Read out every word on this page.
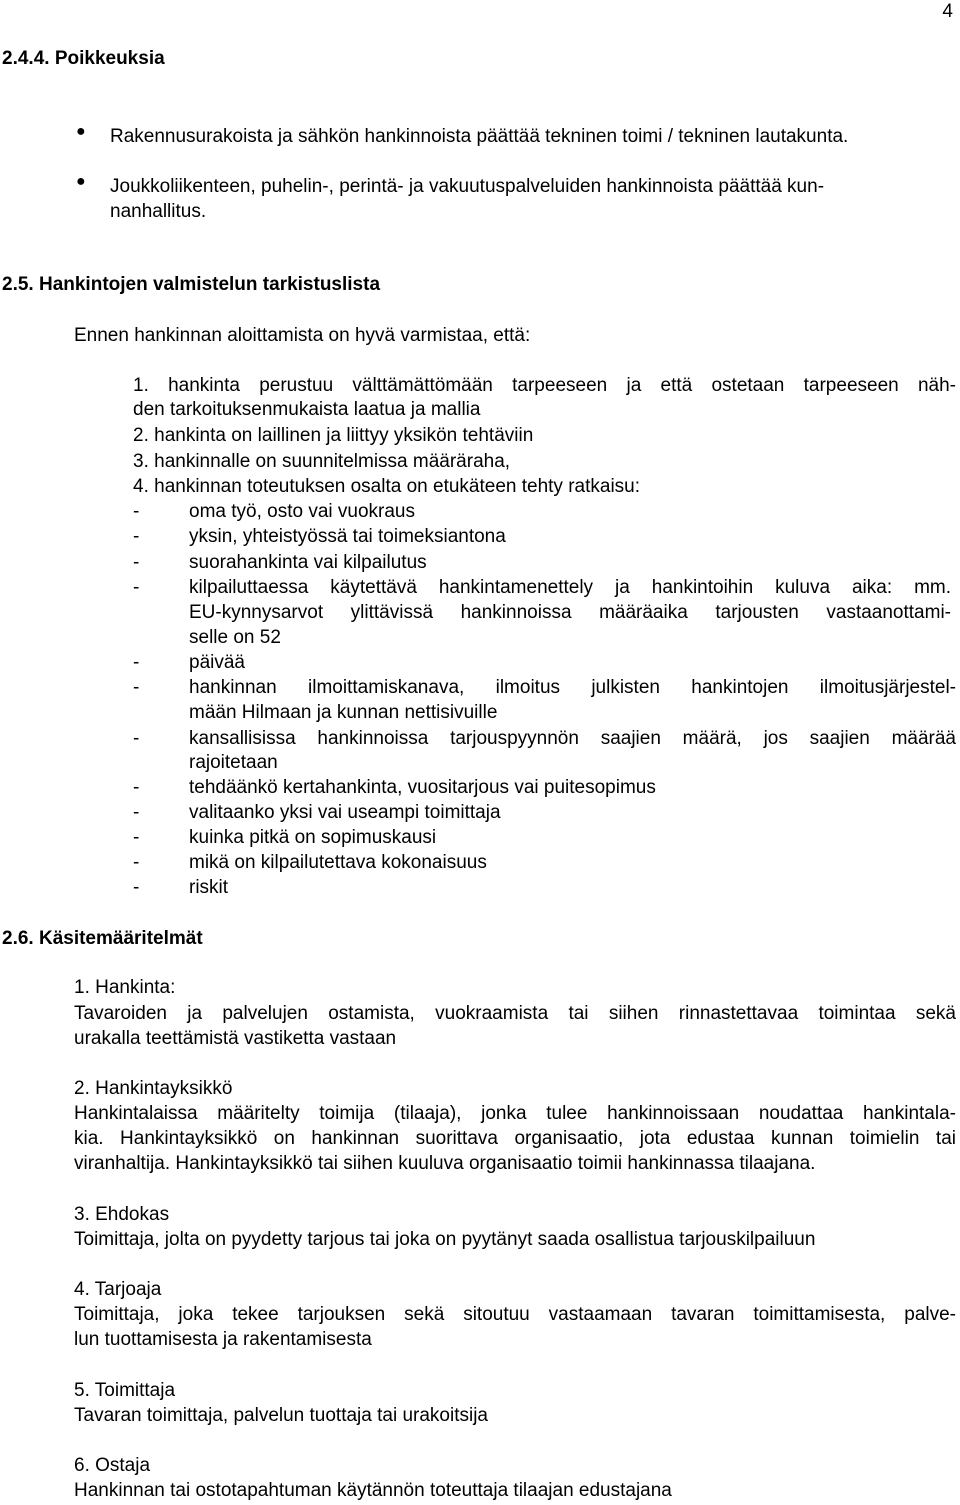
4
2.4.4. Poikkeuksia
● Rakennusurakoista ja sähkön hankinnoista päättää tekninen toimi / tekninen lautakunta.
● Joukkoliikenteen, puhelin-, perintä- ja vakuutuspalveluiden hankinnoista päättää kun-
nanhallitus.
2.5. Hankintojen valmistelun tarkistuslista
Ennen hankinnan aloittamista on hyvä varmistaa, että:
1. hankinta perustuu välttämättömään tarpeeseen ja että ostetaan tarpeeseen näh-
den tarkoituksenmukaista laatua ja mallia
2. hankinta on laillinen ja liittyy yksikön tehtäviin
3. hankinnalle on suunnitelmissa määräraha,
4. hankinnan toteutuksen osalta on etukäteen tehty ratkaisu:
-	oma työ, osto vai vuokraus
-	yksin, yhteistyössä tai toimeksiantona
-	suorahankinta vai kilpailutus
-	kilpailuttaessa käytettävä hankintamenettely ja hankintoihin kuluva aika: mm.
EU-kynnysarvot ylittävissä hankinnoissa määräaika tarjousten vastaanottami-
selle on 52
-	päivää
-	hankinnan ilmoittamiskanava, ilmoitus julkisten hankintojen ilmoitusjärjestel-
mään Hilmaan ja kunnan nettisivuille
-	kansallisissa hankinnoissa tarjouspyynnön saajien määrä, jos saajien määrää
rajoitetaan
-	tehdäänkö kertahankinta, vuositarjous vai puitesopimus
-	valitaanko yksi vai useampi toimittaja
-	kuinka pitkä on sopimuskausi
-	mikä on kilpailutettava kokonaisuus
-	riskit
2.6. Käsitemääritelmät
1. Hankinta:
Tavaroiden ja palvelujen ostamista, vuokraamista tai siihen rinnastettavaa toimintaa sekä
urakalla teettämistä vastiketta vastaan
2. Hankintayksikkö
Hankintalaissa määritelty toimija (tilaaja), jonka tulee hankinnoissaan noudattaa hankintala-
kia. Hankintayksikkö on hankinnan suorittava organisaatio, jota edustaa kunnan toimielin tai
viranhaltija. Hankintayksikkö tai siihen kuuluva organisaatio toimii hankinnassa tilaajana.
3. Ehdokas
Toimittaja, jolta on pyydetty tarjous tai joka on pyytänyt saada osallistua tarjouskilpailuun
4. Tarjoaja
Toimittaja, joka tekee tarjouksen sekä sitoutuu vastaamaan tavaran toimittamisesta, palve-
lun tuottamisesta ja rakentamisesta
5. Toimittaja
Tavaran toimittaja, palvelun tuottaja tai urakoitsija
6. Ostaja
Hankinnan tai ostotapahtuman käytännön toteuttaja tilaajan edustajana
